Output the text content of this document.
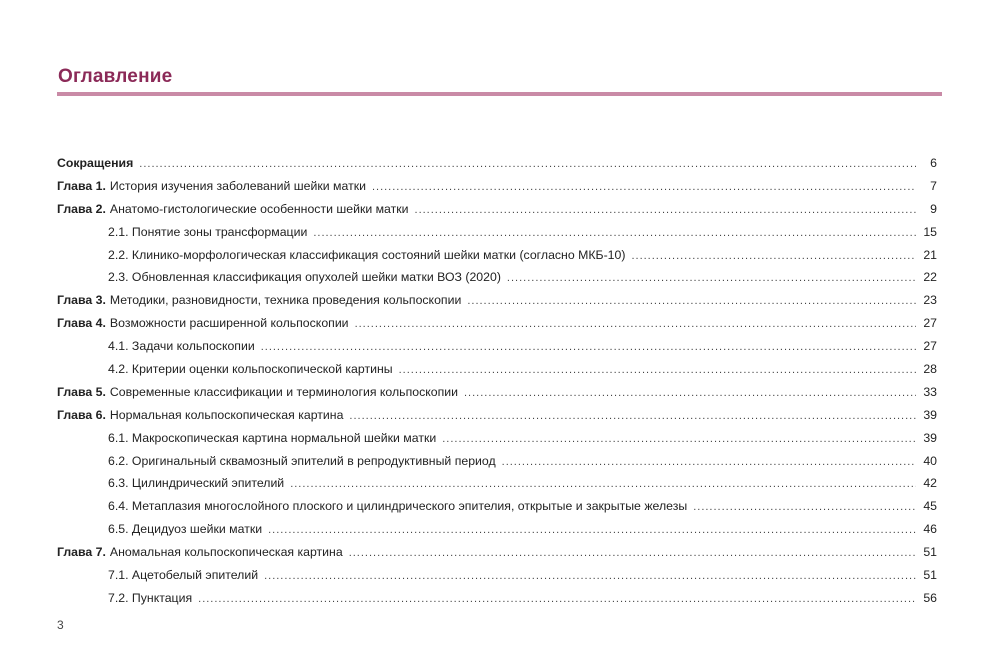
Оглавление
Сокращения .....	6
Глава 1. История изучения заболеваний шейки матки .....	7
Глава 2. Анатомо-гистологические особенности шейки матки .....	9
2.1. Понятие зоны трансформации .....	15
2.2. Клинико-морфологическая классификация состояний шейки матки (согласно МКБ-10) .....	21
2.3. Обновленная классификация опухолей шейки матки ВОЗ (2020) .....	22
Глава 3. Методики, разновидности, техника проведения кольпоскопии .....	23
Глава 4. Возможности расширенной кольпоскопии .....	27
4.1. Задачи кольпоскопии .....	27
4.2. Критерии оценки кольпоскопической картины .....	28
Глава 5. Современные классификации и терминология кольпоскопии .....	33
Глава 6. Нормальная кольпоскопическая картина .....	39
6.1. Макроскопическая картина нормальной шейки матки .....	39
6.2. Оригинальный сквамозный эпителий в репродуктивный период .....	40
6.3. Цилиндрический эпителий .....	42
6.4. Метаплазия многослойного плоского и цилиндрического эпителия, открытые и закрытые железы .....	45
6.5. Децидуоз шейки матки .....	46
Глава 7. Аномальная кольпоскопическая картина .....	51
7.1. Ацетобелый эпителий .....	51
7.2. Пунктация .....	56
3
